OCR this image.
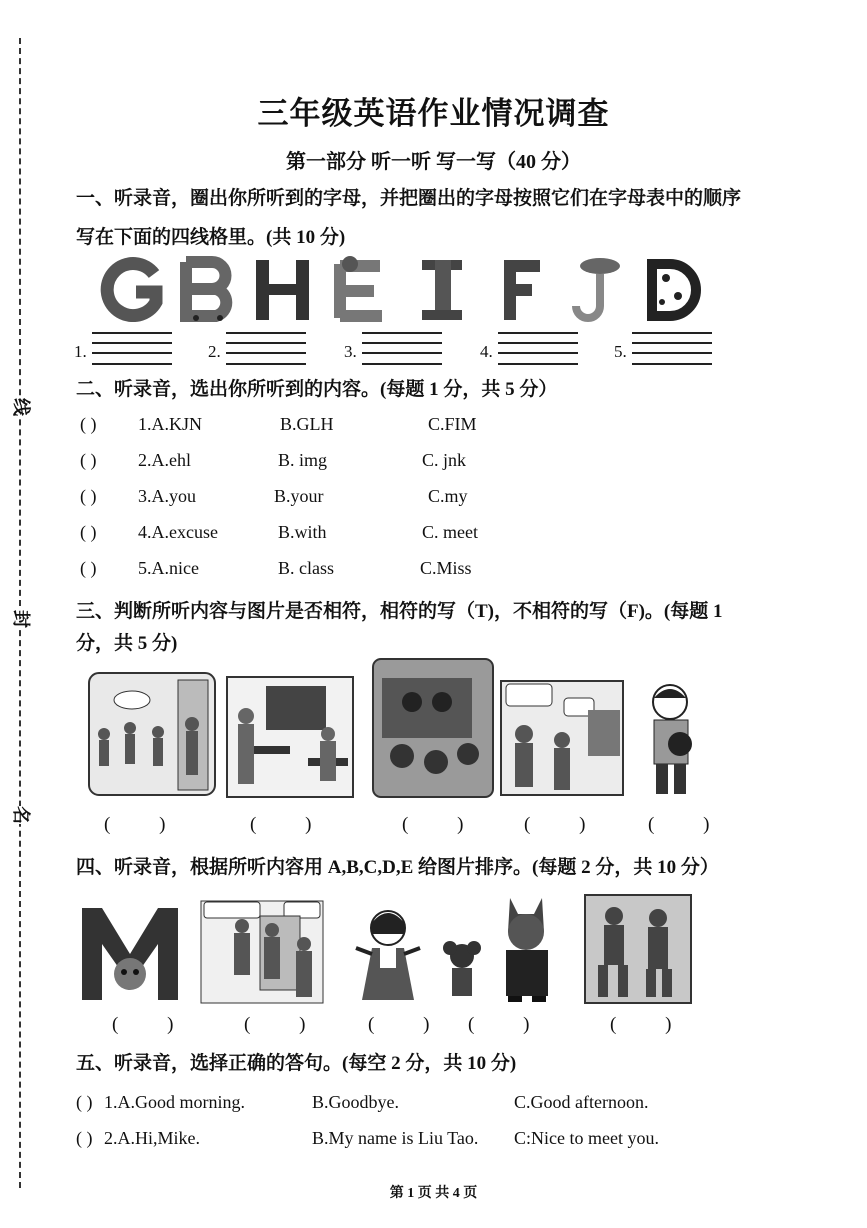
线
封
名
三年级英语作业情况调查
第一部分 听一听 写一写（40 分）
一、听录音，圈出你所听到的字母，并把圈出的字母按照它们在字母表中的顺序
写在下面的四线格里。(共 10 分)
1.	2.	3.	4.	5.
二、听录音，选出你所听到的内容。(每题 1 分，共 5 分）
( ) 1.A.KJN	B.GLH	C.FIM
( ) 2.A.ehl	B. img	C. jnk
( ) 3.A.you	B.your	C.my
( ) 4.A.excuse	B.with	C. meet
( ) 5.A.nice	B. class	C.Miss
三、判断所听内容与图片是否相符，相符的写（T)，不相符的写（F)。(每题 1
分，共 5 分)
( )	( )	( ) ( ) ( )
四、听录音，根据所听内容用 A,B,C,D,E 给图片排序。(每题 2 分，共 10 分）
( )	( ) ( ) ( )	( )
五、听录音，选择正确的答句。(每空 2 分，共 10 分)
( ) 1.A.Good morning.	B.Goodbye.	C.Good afternoon.
( ) 2.A.Hi,Mike.	B.My name is Liu Tao. C:Nice to meet you.
第 1 页 共 4 页
